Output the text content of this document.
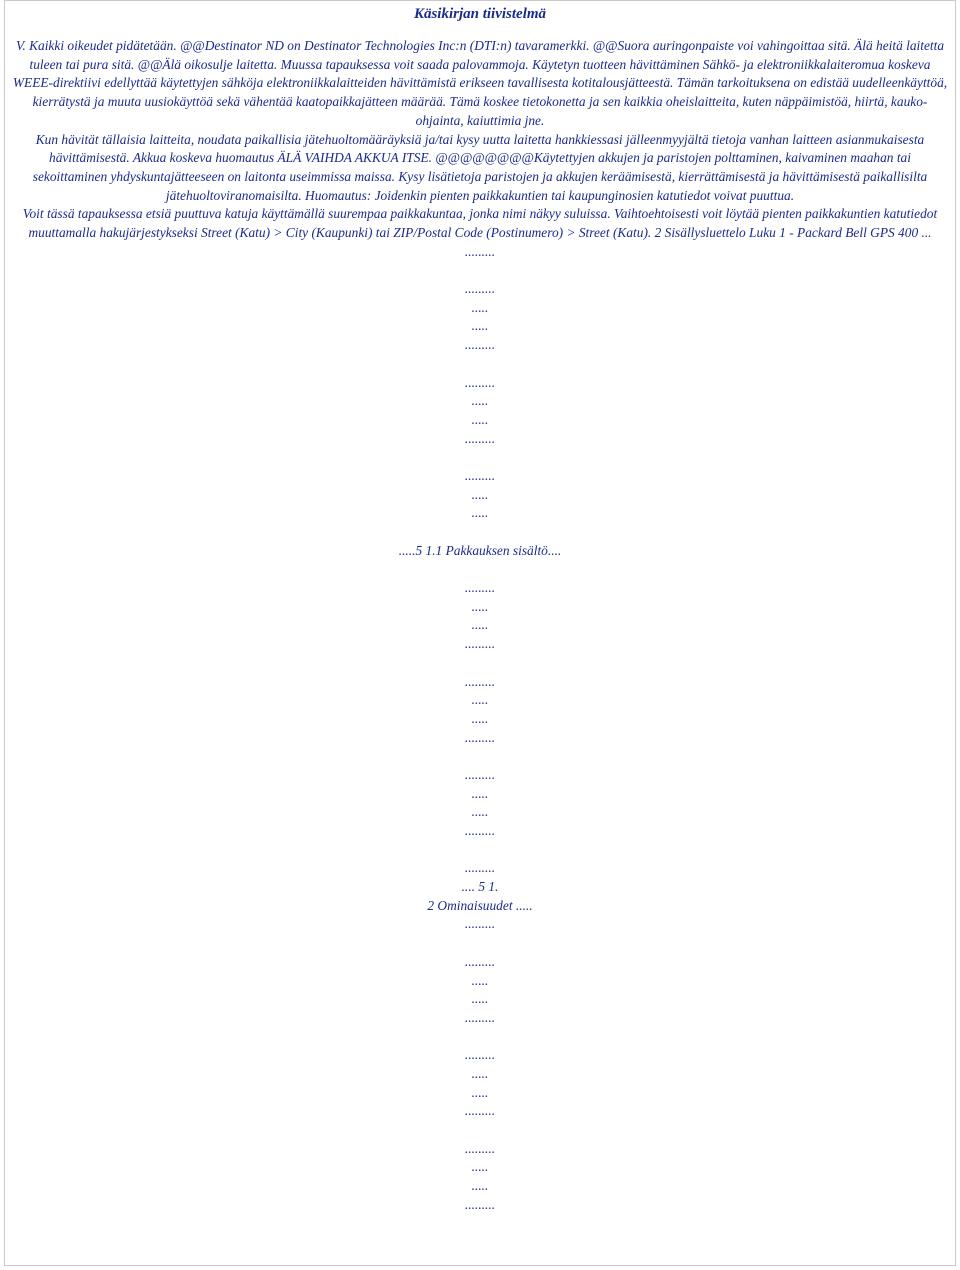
Käsikirjan tiivistelmä

V. Kaikki oikeudet pidätetään. @@Destinator ND on Destinator Technologies Inc:n (DTI:n) tavaramerkki. @@Suora auringonpaiste voi vahingoittaa sitä. Älä heitä laitetta tuleen tai pura sitä. @@Älä oikosulje laitetta. Muussa tapauksessa voit saada palovammoja. Käytetyn tuotteen hävittäminen Sähkö- ja elektroniikkalaiteromua koskeva WEEE-direktiivi edellyttää käytettyjen sähköja elektroniikkalaitteiden hävittämistä erikseen tavallisesta kotitalousjätteestä. Tämän tarkoituksena on edistää uudelleenkäyttöä, kierrätystä ja muuta uusiokäyttöä sekä vähentää kaatopaikkajätteen määrää. Tämä koskee tietokonetta ja sen kaikkia oheislaitteita, kuten näppäimistöä, hiirtä, kauko-ohjainta, kaiuttimia jne.

Kun hävität tällaisia laitteita, noudata paikallisia jätehuoltomääräyksiä ja/tai kysy uutta laitetta hankkiessasi jälleenmyyjältä tietoja vanhan laitteen asianmukaisesta hävittämisestä. Akkua koskeva huomautus ÄLÄ VAIHDA AKKUA ITSE. @@@@@@@@Käytettyjen akkujen ja paristojen polttaminen, kaivaminen maahan tai sekoittaminen yhdyskuntajätteeseen on laitonta useimmissa maissa. Kysy lisätietoja paristojen ja akkujen keräämisestä, kierrättämisestä ja hävittämisestä paikallisilta jätehuoltoviranomaisilta. Huomautus: Joidenkin pienten paikkakuntien tai kaupunginosien katutiedot voivat puuttua.

Voit tässä tapauksessa etsiä puuttuva katuja käyttämällä suurempaa paikkakuntaa, jonka nimi näkyy suluissa. Vaihtoehtoisesti voit löytää pienten paikkakuntien katutiedot muuttamalla hakujärjestykseksi Street (Katu) > City (Kaupunki) tai ZIP/Postal Code (Postinumero) > Street (Katu). 2 Sisällysluettelo Luku 1 - Packard Bell GPS 400 ...

.........
.........
.....
.....
.........
.........
.....
.....
.........
.........
.....
.....
.....5 1.1 Pakkauksen sisältö....
.........
.....
.....
.........
.........
.....
.....
.........
.........
.....
.....
.........
.........
.... 5 1.
2 Ominaisuudet .....
.........
.........
.....
.....
.........
.........
.....
.....
.........
.........
.....
.....
.........
